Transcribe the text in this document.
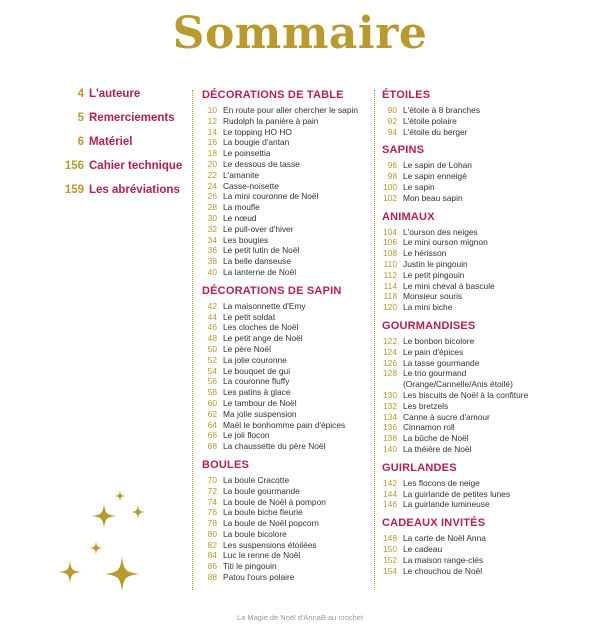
Sommaire
4 L'auteure
5 Remerciements
6 Matériel
156 Cahier technique
159 Les abréviations
DÉCORATIONS DE TABLE
10 En route pour aller chercher le sapin
12 Rudolph la panière à pain
14 Le topping HO HO
16 La bougie d'antan
18 Le poinsettia
20 Le dessous de tasse
22 L'amanite
24 Casse-noisette
26 La mini couronne de Noël
28 La moufle
30 Le nœud
32 Le pull-over d'hiver
34 Les bougies
36 Le petit lutin de Noël
38 La belle danseuse
40 La lanterne de Noël
DÉCORATIONS DE SAPIN
42 La maisonnette d'Emy
44 Le petit soldat
46 Les cloches de Noël
48 Le petit ange de Noël
50 Le père Noël
52 La jolie couronne
54 Le bouquet de gui
56 La couronne fluffy
58 Les patins à glace
60 Le tambour de Noël
62 Ma jolie suspension
64 Maël le bonhomme pain d'épices
66 Le joli flocon
68 La chaussette du père Noël
BOULES
70 La boule Cracotte
72 La boule gourmande
74 La boule de Noël à pompon
76 La boule biche fleurie
78 La boule de Noël popcorn
80 La boule bicolore
82 Les suspensions étoilées
84 Luc le renne de Noël
86 Titi le pingouin
88 Patou l'ours polaire
ÉTOILES
90 L'étoile à 8 branches
92 L'étoile polaire
94 L'étoile du berger
SAPINS
96 Le sapin de Lohan
98 Le sapin enneigé
100 Le sapin
102 Mon beau sapin
ANIMAUX
104 L'ourson des neiges
106 Le mini ourson mignon
108 Le hérisson
110 Justin le pingouin
112 Le petit pingouin
114 Le mini cheval à bascule
118 Monsieur souris
120 La mini biche
GOURMANDISES
122 Le bonbon bicolore
124 Le pain d'épices
126 La tasse gourmande
128 Le trio gourmand
(Orange/Cannelle/Anis étoilé)
130 Les biscuits de Noël à la confiture
132 Les bretzels
134 Canne à sucre d'amour
136 Cinnamon roll
138 La bûche de Noël
140 La théière de Noël
GUIRLANDES
142 Les flocons de neige
144 La guirlande de petites lunes
146 La guirlande lumineuse
CADEAUX INVITÉS
148 La carte de Noël Anna
150 Le cadeau
152 La maison range-clés
154 Le chouchou de Noël
La Magie de Noël d'AnnaB au crochet
